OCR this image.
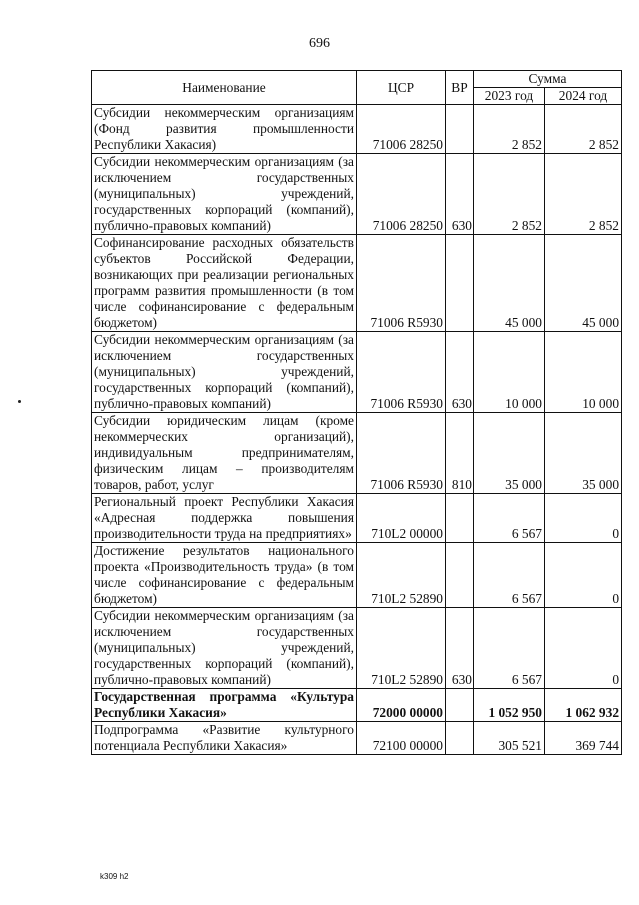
696
Наименование	ЦСР	ВР	Сумма	
			2023 год	2024 год
Субсидии некоммерческим организациям (Фонд развития промышленности Республики Хакасия)	71006 28250		2 852	2 852
Субсидии некоммерческим организациям (за исключением государственных (муниципальных) учреждений, государственных корпораций (компаний), публично-правовых компаний)	71006 28250	630	2 852	2 852
Софинансирование расходных обязательств субъектов Российской Федерации, возникающих при реализации региональных программ развития промышленности (в том числе софинансирование с федеральным бюджетом)	71006 R5930		45 000	45 000
Субсидии некоммерческим организациям (за исключением государственных (муниципальных) учреждений, государственных корпораций (компаний), публично-правовых компаний)	71006 R5930	630	10 000	10 000
Субсидии юридическим лицам (кроме некоммерческих организаций), индивидуальным предпринимателям, физическим лицам – производителям товаров, работ, услуг	71006 R5930	810	35 000	35 000
Региональный проект Республики Хакасия «Адресная поддержка повышения производительности труда на предприятиях»	710L2 00000		6 567	0
Достижение результатов национального проекта «Производительность труда» (в том числе софинансирование с федеральным бюджетом)	710L2 52890		6 567	0
Субсидии некоммерческим организациям (за исключением государственных (муниципальных) учреждений, государственных корпораций (компаний), публично-правовых компаний)	710L2 52890	630	6 567	0
Государственная программа «Культура Республики Хакасия»	72000 00000		1 052 950	1 062 932
Подпрограмма «Развитие культурного потенциала Республики Хакасия»	72100 00000		305 521	369 744
k309 h2
